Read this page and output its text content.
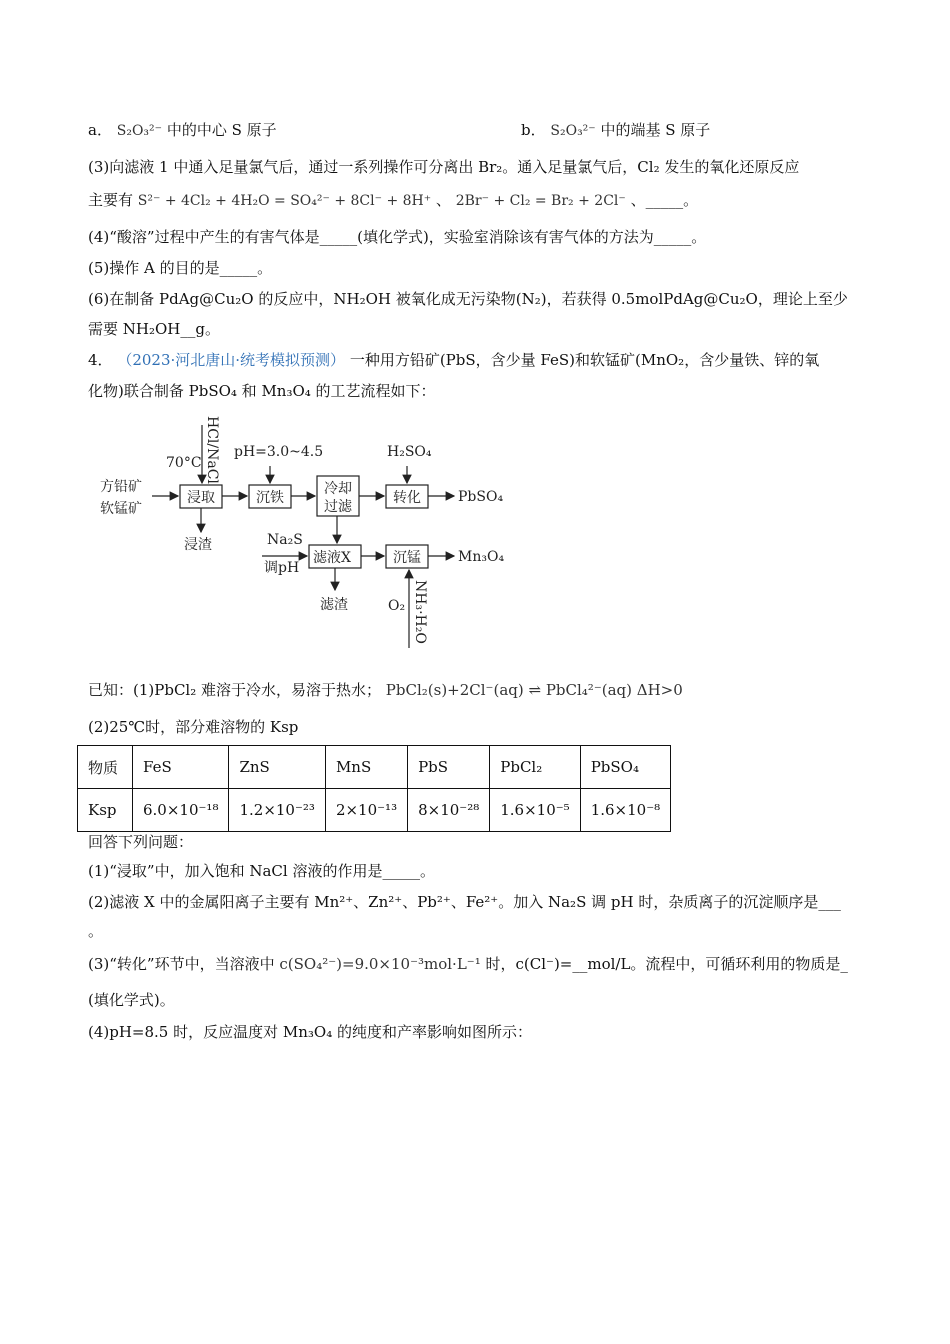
a． S₂O₃²⁻ 中的中心 S 原子	b． S₂O₃²⁻ 中的端基 S 原子
(3)向滤液 1 中通入足量氯气后，通过一系列操作可分离出 Br₂。通入足量氯气后，Cl₂ 发生的氧化还原反应
主要有 S²⁻ + 4Cl₂ + 4H₂O = SO₄²⁻ + 8Cl⁻ + 8H⁺ 、 2Br⁻ + Cl₂ = Br₂ + 2Cl⁻ 、_____。
(4)“酸溶”过程中产生的有害气体是_____(填化学式)，实验室消除该有害气体的方法为_____。
(5)操作 A 的目的是_____。
(6)在制备 PdAg@Cu₂O 的反应中，NH₂OH 被氧化成无污染物(N₂)，若获得 0.5molPdAg@Cu₂O，理论上至少
需要 NH₂OH__g。
4． （2023·河北唐山·统考模拟预测） 一种用方铅矿(PbS，含少量 FeS)和软锰矿(MnO₂，含少量铁、锌的氧
化物)联合制备 PbSO₄ 和 Mn₃O₄ 的工艺流程如下：
方铅矿
软锰矿
70°C HCl/NaCl
浸取
浸渣
pH=3.0~4.5
沉铁
冷却
过滤
H₂SO₄
转化	PbSO₄
Na₂S
调pH
滤液X
滤渣
沉锰	Mn₃O₄
O₂ NH₃·H₂O
已知：(1)PbCl₂ 难溶于冷水，易溶于热水； PbCl₂(s)+2Cl⁻(aq) ⇌ PbCl₄²⁻(aq) ΔH>0
(2)25℃时，部分难溶物的 Ksp
物质	FeS	ZnS	MnS	PbS	PbCl₂	PbSO₄
Ksp	6.0×10⁻¹⁸	1.2×10⁻²³	2×10⁻¹³	8×10⁻²⁸	1.6×10⁻⁵	1.6×10⁻⁸
回答下列问题：
(1)“浸取”中，加入饱和 NaCl 溶液的作用是_____。
(2)滤液 X 中的金属阳离子主要有 Mn²⁺、Zn²⁺、Pb²⁺、Fe²⁺。加入 Na₂S 调 pH 时，杂质离子的沉淀顺序是___
。
(3)“转化”环节中，当溶液中 c(SO₄²⁻)=9.0×10⁻³mol·L⁻¹ 时，c(Cl⁻)=__mol/L。流程中，可循环利用的物质是_
(填化学式)。
(4)pH=8.5 时，反应温度对 Mn₃O₄ 的纯度和产率影响如图所示：
